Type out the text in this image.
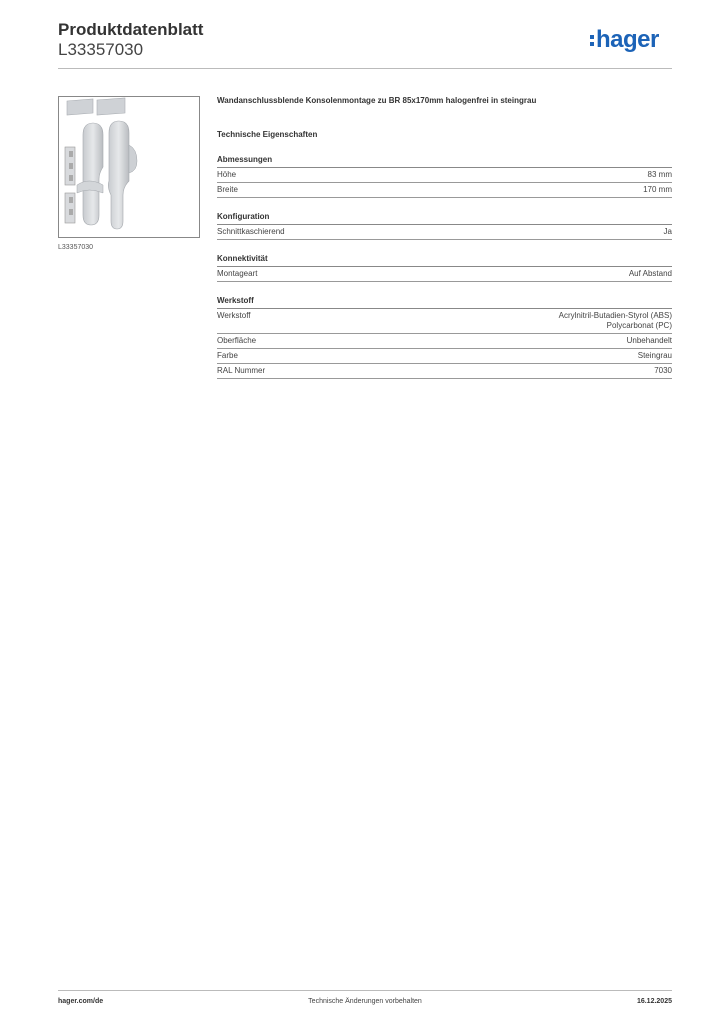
Produktdatenblatt
L33357030	hager
L33357030
Wandanschlussblende Konsolenmontage zu BR 85x170mm halogenfrei in steingrau
Technische Eigenschaften
Abmessungen
Höhe	83 mm
Breite	170 mm
Konfiguration
Schnittkaschierend	Ja
Konnektivität
Montageart	Auf Abstand
Werkstoff
Werkstoff	Acrylnitril-Butadien-Styrol (ABS)
Polycarbonat (PC)
Oberfläche	Unbehandelt
Farbe	Steingrau
RAL Nummer	7030
hager.com/de	Technische Änderungen vorbehalten	16.12.2025
